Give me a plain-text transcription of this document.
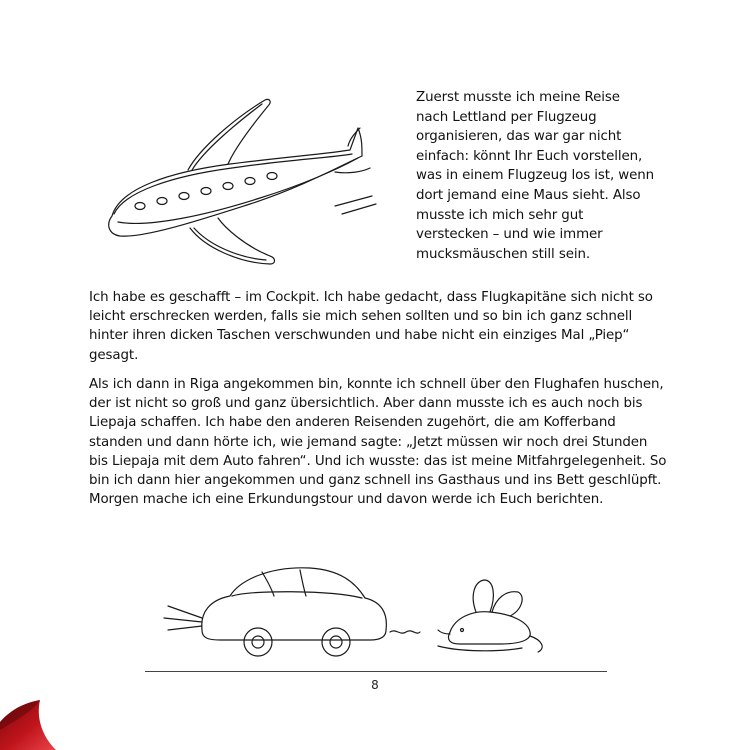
Zuerst musste ich meine Reise nach Lettland per Flugzeug organisieren, das war gar nicht einfach: könnt Ihr Euch vorstellen, was in einem Flugzeug los ist, wenn dort jemand eine Maus sieht. Also musste ich mich sehr gut verstecken – und wie immer mucksmäuschen still sein.

Ich habe es geschafft – im Cockpit. Ich habe gedacht, dass Flugkapitäne sich nicht so leicht erschrecken werden, falls sie mich sehen sollten und so bin ich ganz schnell hinter ihren dicken Taschen verschwunden und habe nicht ein einziges Mal „Piep“ gesagt.

Als ich dann in Riga angekommen bin, konnte ich schnell über den Flughafen huschen, der ist nicht so groß und ganz übersichtlich. Aber dann musste ich es auch noch bis Liepaja schaffen. Ich habe den anderen Reisenden zugehört, die am Kofferband standen und dann hörte ich, wie jemand sagte: „Jetzt müssen wir noch drei Stunden bis Liepaja mit dem Auto fahren“. Und ich wusste: das ist meine Mitfahrgelegenheit. So bin ich dann hier angekommen und ganz schnell ins Gasthaus und ins Bett geschlüpft. Morgen mache ich eine Erkundungstour und davon werde ich Euch berichten.

8
